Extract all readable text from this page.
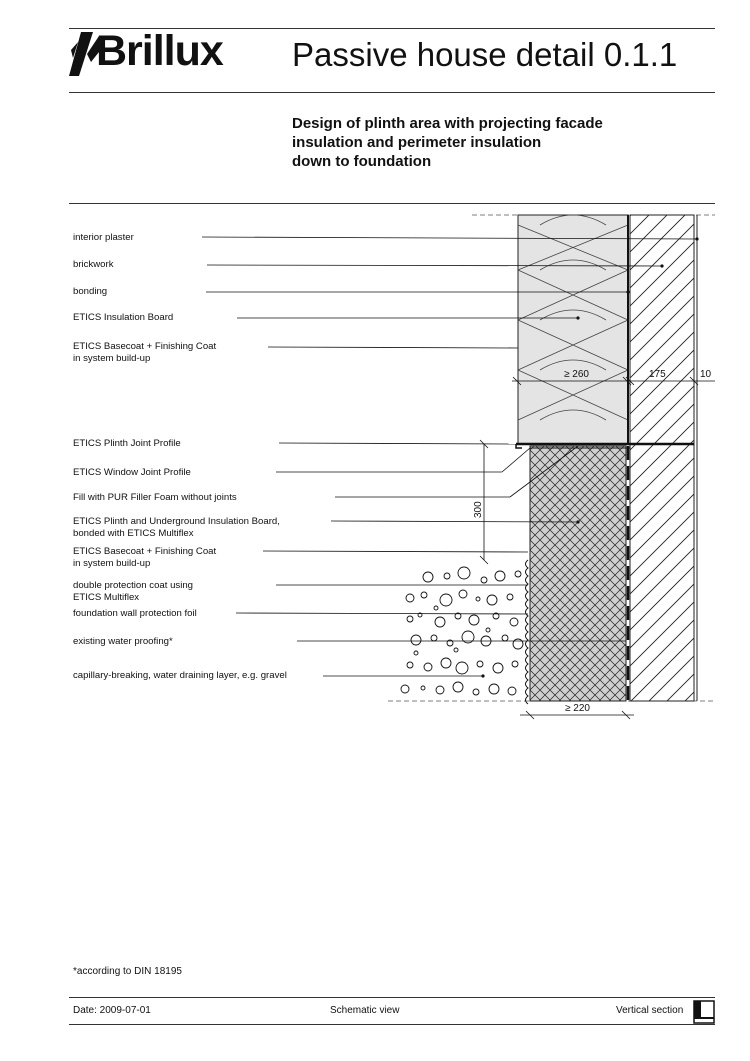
Brillux Passive house detail 0.1.1
Design of plinth area with projecting facade
insulation and perimeter insulation
down to foundation
≥ 260	175	10
300
≥ 220
interior plaster
brickwork
bonding
ETICS Insulation Board
ETICS Basecoat + Finishing Coat
in system build-up
ETICS Plinth Joint Profile
ETICS Window Joint Profile
Fill with PUR Filler Foam without joints
ETICS Plinth and Underground Insulation Board,
bonded with ETICS Multiflex
ETICS Basecoat + Finishing Coat
in system build-up
double protection coat using
ETICS Multiflex
foundation wall protection foil
existing water proofing*
capillary-breaking, water draining layer, e.g. gravel
*according to DIN 18195
Date: 2009-07-01	Schematic view	Vertical section
